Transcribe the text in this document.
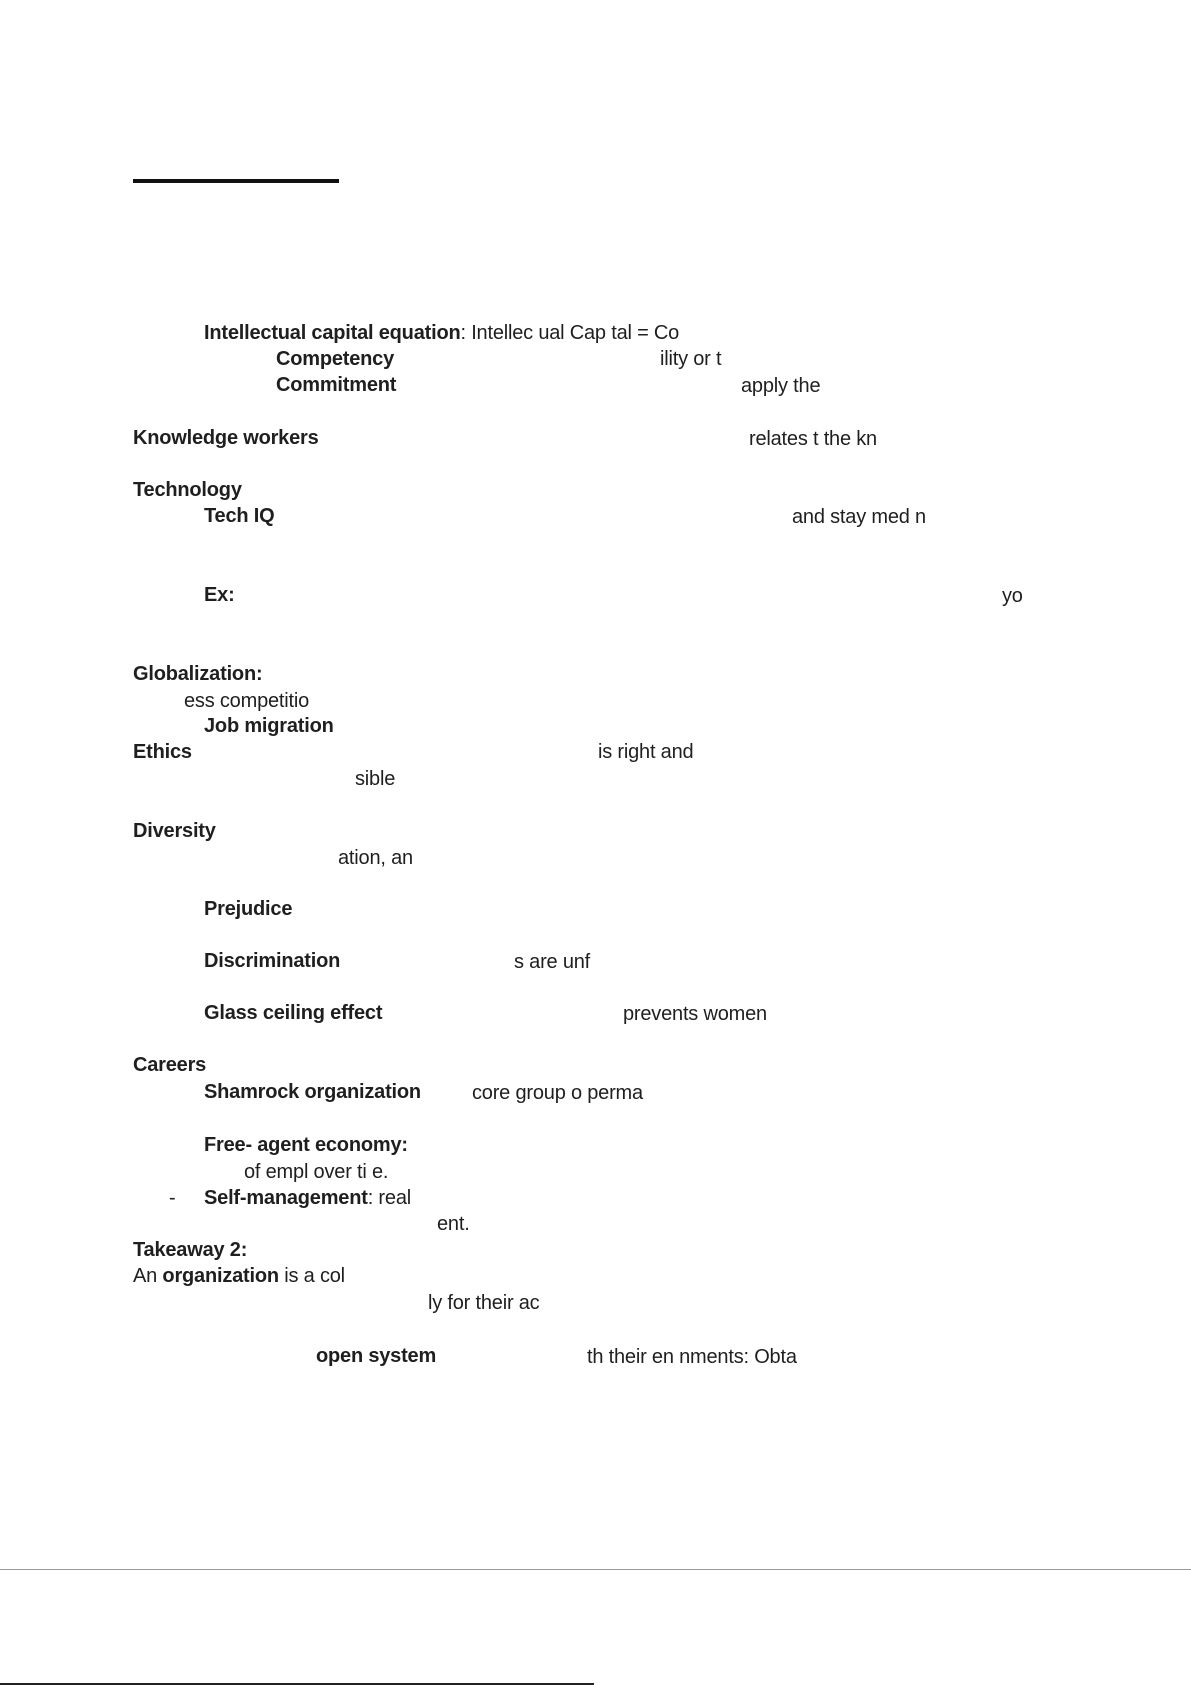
Intellectual capital equation: Intellec ual Cap tal = Co
Competency	ility or t
Commitment	apply the
Knowledge workers	relates t the kn
Technology
Tech IQ	and stay med n
Ex:	yo
Globalization:
ess competitio
Job migration
Ethics	is right and
sible
Diversity
ation, an
Prejudice
Discrimination	s are unf
Glass ceiling effect	prevents women
Careers
Shamrock organization	core group o perma
Free- agent economy:
of empl over ti e.
- Self-management: real
ent.
Takeaway 2:
An organization is a col
ly for their ac
open system	th their en nments: Obta
